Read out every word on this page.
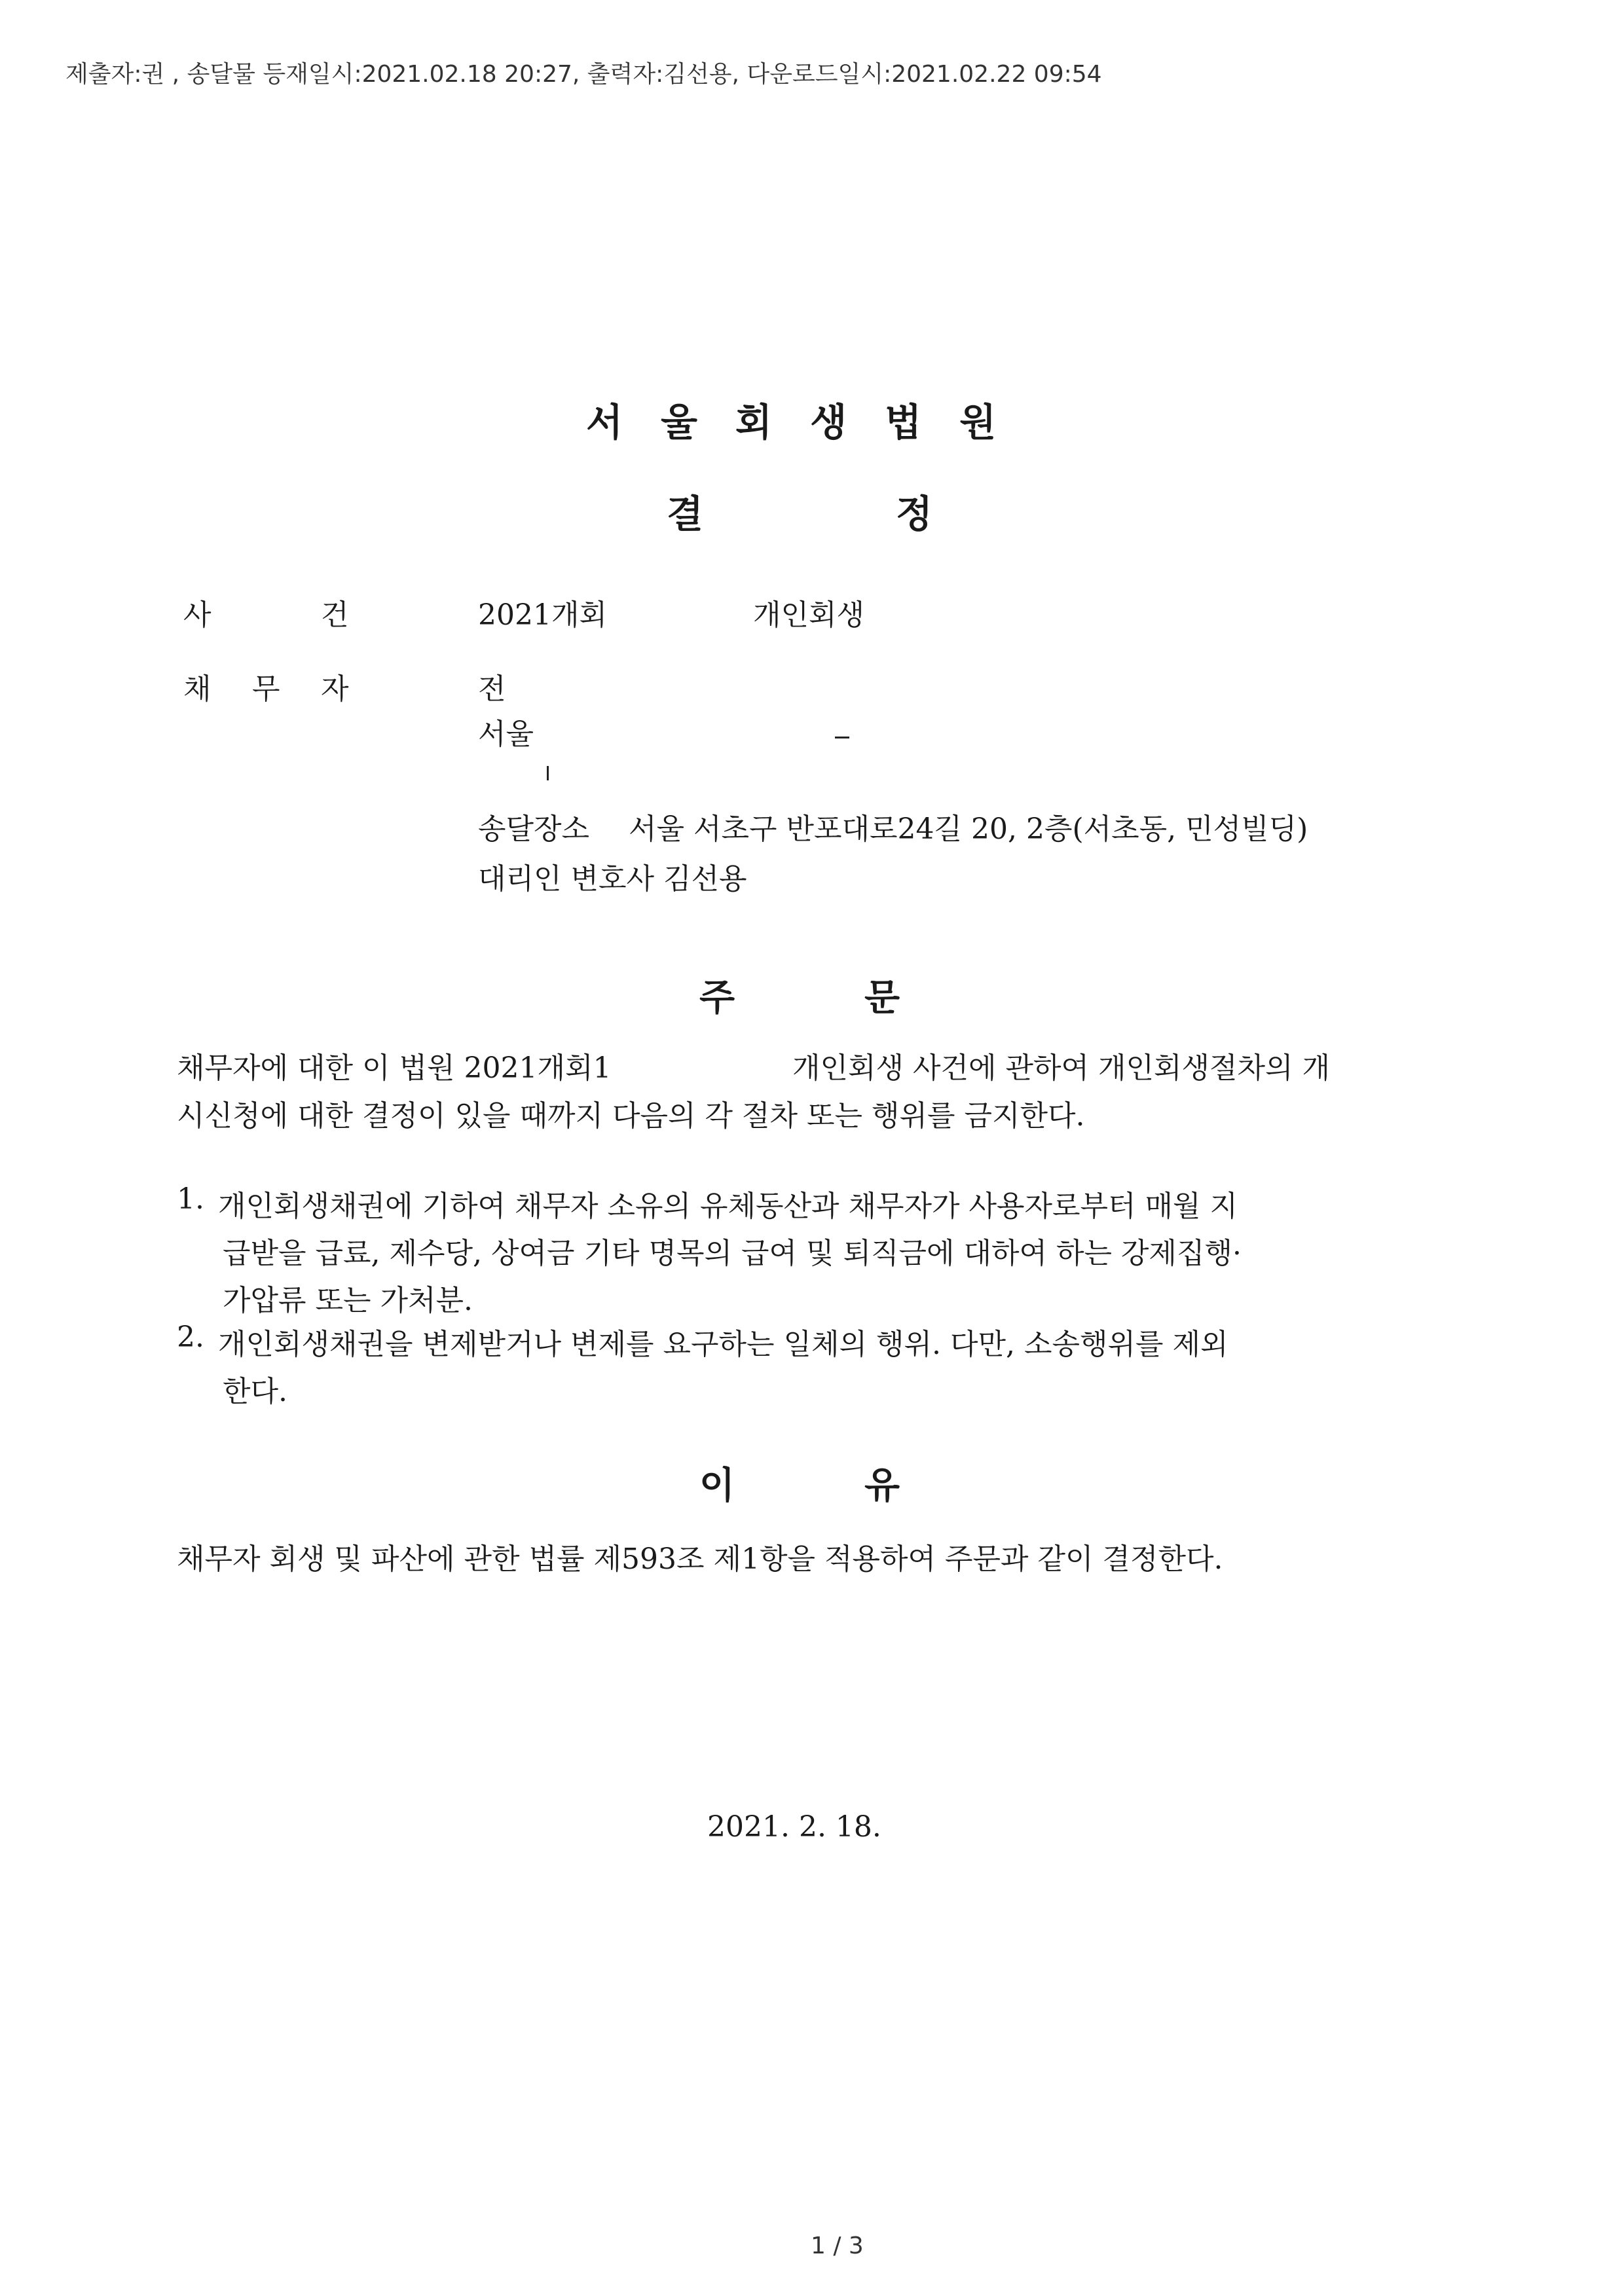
제출자:권 , 송달물 등재일시:2021.02.18 20:27, 출력자:김선용, 다운로드일시:2021.02.22 09:54
서울회생법원
결	정
사	건	2021개회	개인회생
채 무 자	전
서울
송달장소 서울 서초구 반포대로24길 20, 2층(서초동, 민성빌딩)
대리인 변호사 김선용
주	문
채무자에 대한 이 법원 2021개회1	개인회생 사건에 관하여 개인회생절차의 개
시신청에 대한 결정이 있을 때까지 다음의 각 절차 또는 행위를 금지한다.
1. 개인회생채권에 기하여 채무자 소유의 유체동산과 채무자가 사용자로부터 매월 지
급받을 급료, 제수당, 상여금 기타 명목의 급여 및 퇴직금에 대하여 하는 강제집행·
가압류 또는 가처분.
2. 개인회생채권을 변제받거나 변제를 요구하는 일체의 행위. 다만, 소송행위를 제외
한다.
이	유
채무자 회생 및 파산에 관한 법률 제593조 제1항을 적용하여 주문과 같이 결정한다.
2021. 2. 18.
1 / 3
